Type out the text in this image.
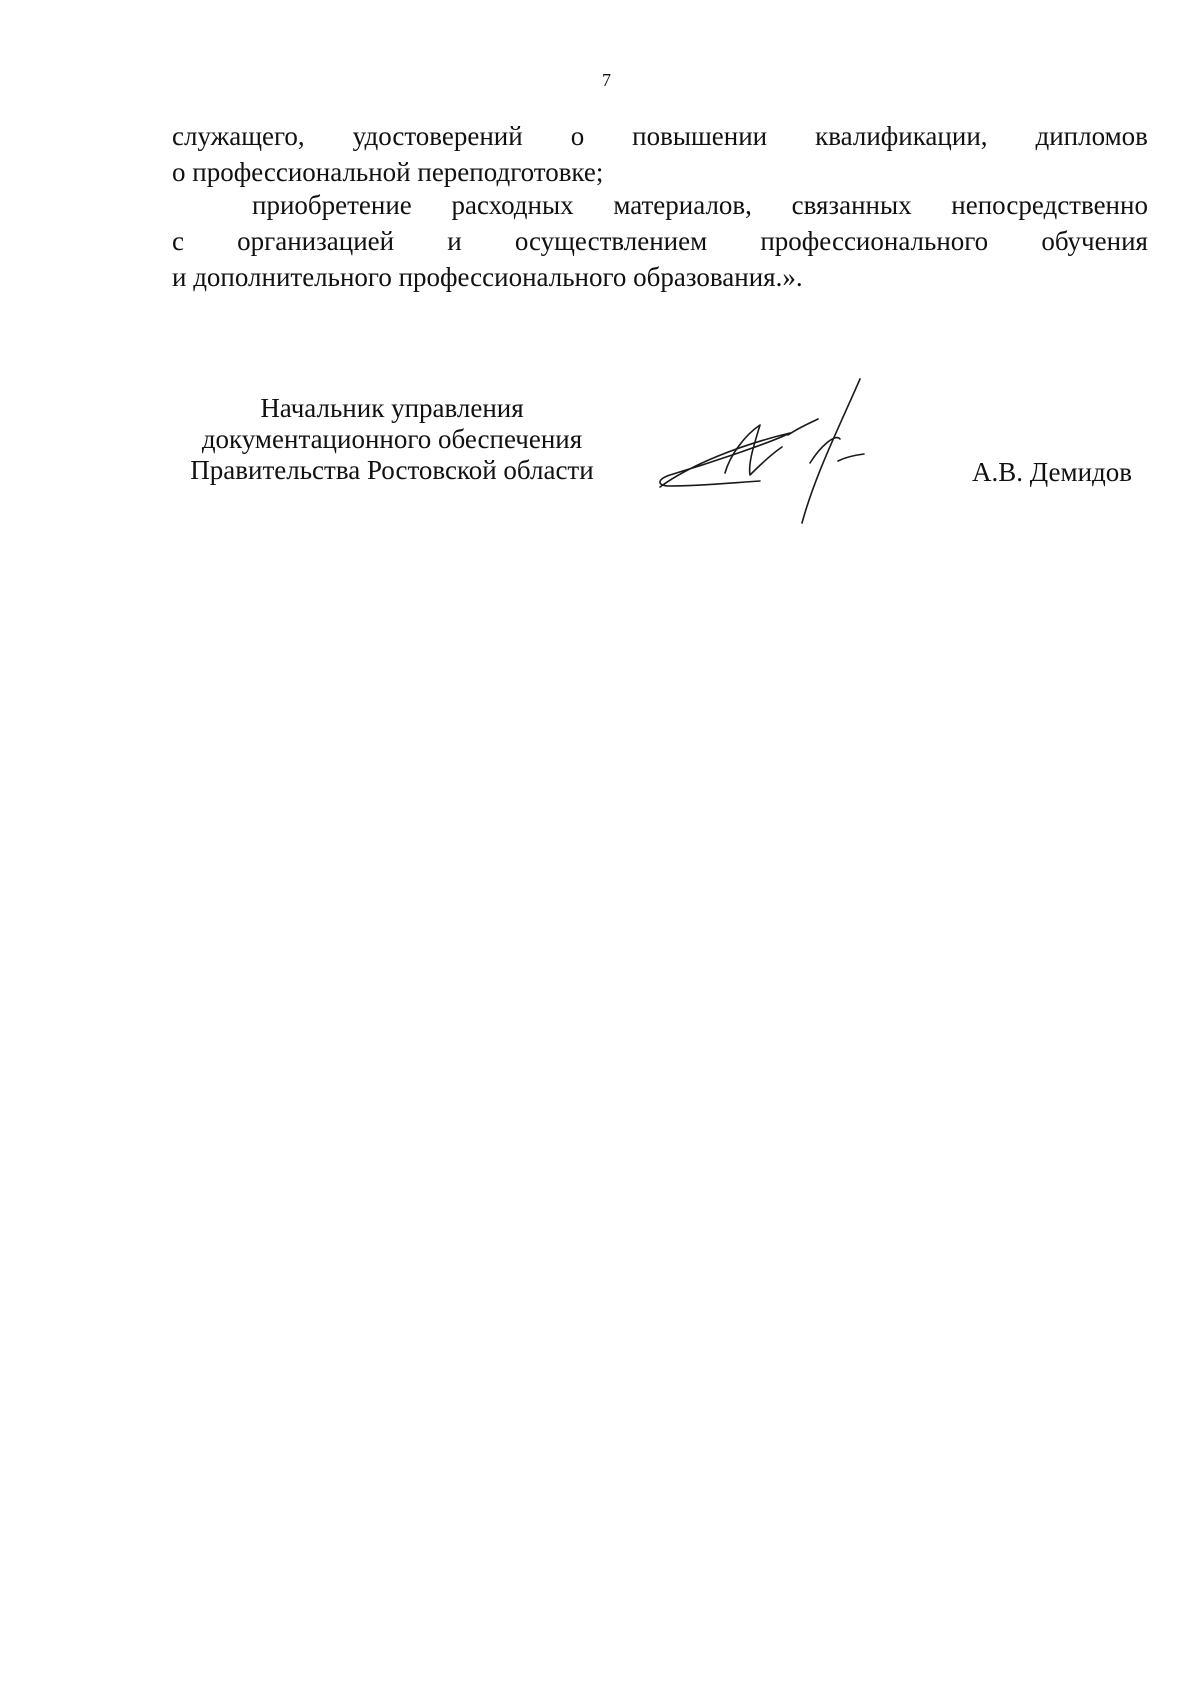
7
служащего, удостоверений о повышении квалификации, дипломов
о профессиональной переподготовке;
приобретение расходных материалов, связанных непосредственно
с организацией и осуществлением профессионального обучения
и дополнительного профессионального образования.».
Начальник управления
документационного обеспечения
Правительства Ростовской области	А.В. Демидов
